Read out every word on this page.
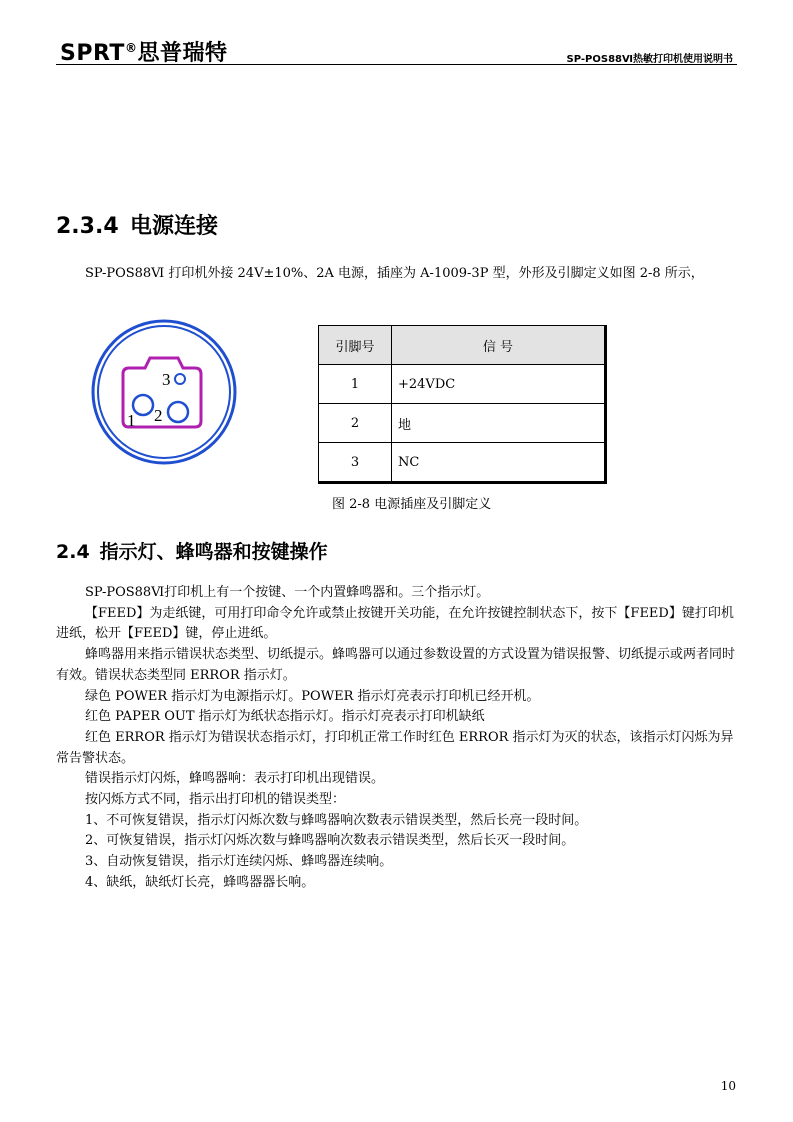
SPRT®思普瑞特	SP-POS88Ⅵ热敏打印机使用说明书
2.3.4 电源连接
SP-POS88Ⅵ 打印机外接 24V±10%、2A 电源，插座为 A-1009-3P 型，外形及引脚定义如图 2-8 所示，
1 2
3
引脚号	信 号
1	+24VDC
2	地
3	NC
图 2-8 电源插座及引脚定义
2.4 指示灯、蜂鸣器和按键操作

SP-POS88Ⅵ打印机上有一个按键、一个内置蜂鸣器和。三个指示灯。

【FEED】为走纸键，可用打印命令允许或禁止按键开关功能，在允许按键控制状态下，按下【FEED】键打印机进纸，松开【FEED】键，停止进纸。

蜂鸣器用来指示错误状态类型、切纸提示。蜂鸣器可以通过参数设置的方式设置为错误报警、切纸提示或两者同时有效。错误状态类型同 ERROR 指示灯。

绿色 POWER 指示灯为电源指示灯。POWER 指示灯亮表示打印机已经开机。

红色 PAPER OUT 指示灯为纸状态指示灯。指示灯亮表示打印机缺纸

红色 ERROR 指示灯为错误状态指示灯，打印机正常工作时红色 ERROR 指示灯为灭的状态，该指示灯闪烁为异常告警状态。

错误指示灯闪烁，蜂鸣器响：表示打印机出现错误。

按闪烁方式不同，指示出打印机的错误类型：

1、不可恢复错误，指示灯闪烁次数与蜂鸣器响次数表示错误类型，然后长亮一段时间。

2、可恢复错误，指示灯闪烁次数与蜂鸣器响次数表示错误类型，然后长灭一段时间。

3、自动恢复错误，指示灯连续闪烁、蜂鸣器连续响。

4、缺纸，缺纸灯长亮，蜂鸣器器长响。

10
